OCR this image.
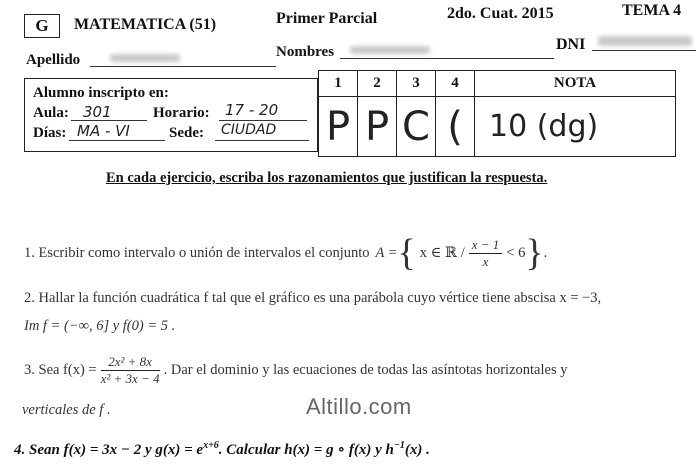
G	MATEMATICA (51)	Primer Parcial	2do. Cuat. 2015	TEMA 4
Apellido	Nombres	DNI
Alumno inscripto en:
Aula: 301	Horario: 17 - 20
Días: MA - VI	Sede: CIUDAD
1	2	3	4	NOTA
P	P	C	(	10 (dg)
En cada ejercicio, escriba los razonamientos que justifican la respuesta.
1. Escribir como intervalo o unión de intervalos el conjunto A = { x ∈ ℝ / $\frac{x - 1}{x} < 6$ } .
2. Hallar la función cuadrática f tal que el gráfico es una parábola cuyo vértice tiene abscisa x = −3,
Im f = (−∞, 6] y f(0) = 5 .
3. Sea $f(x) = \frac{\text{2x² + 8x}}{\text{x² + 3x − 4}}$ . Dar el dominio y las ecuaciones de todas las asíntotas horizontales y
verticales de f .	Altillo.com
4. Sean f(x) = 3x − 2 y $g(x) = e^{x+6}$. Calcular h(x) = g ∘ f(x) y $h^{-1}(x)$ .
